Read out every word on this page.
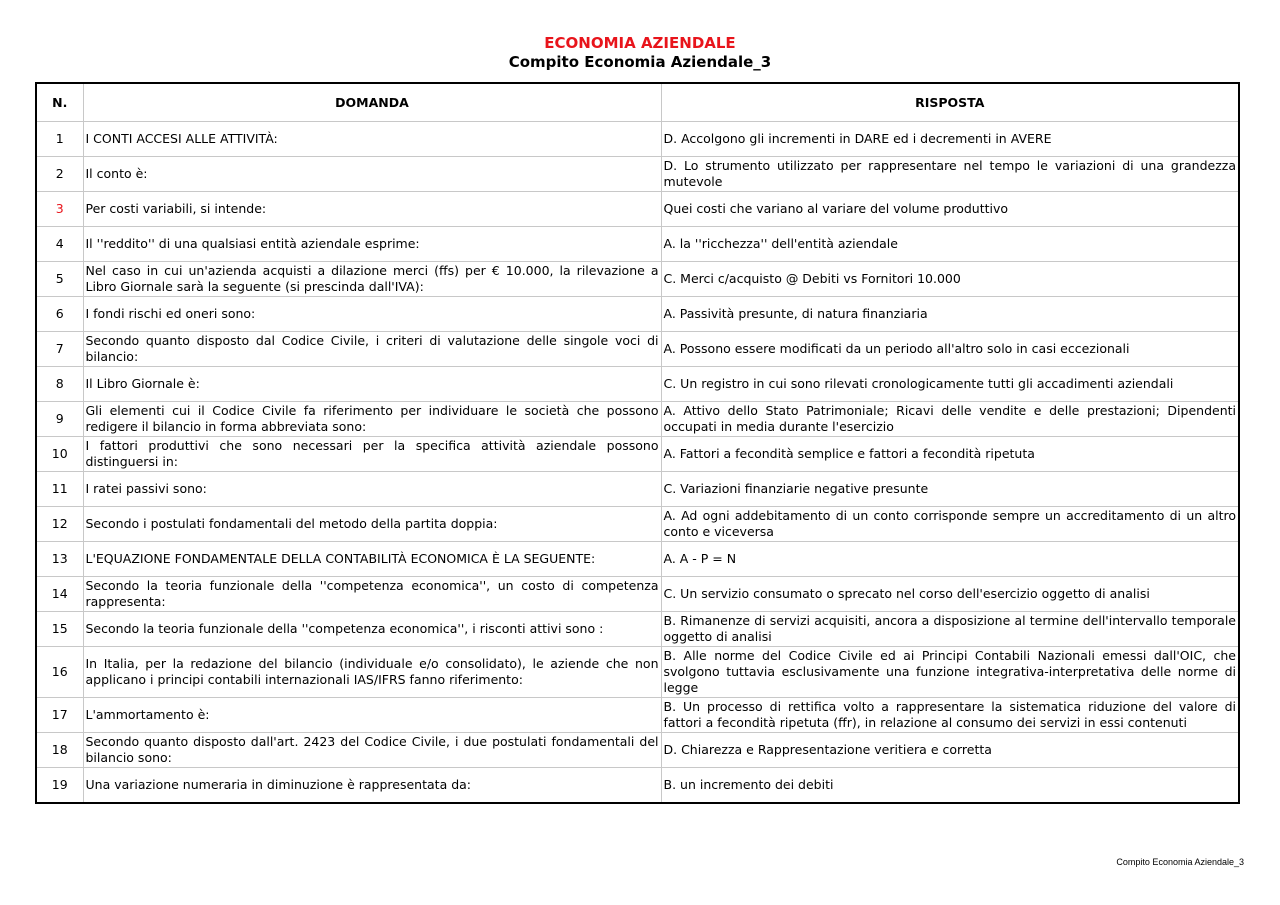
ECONOMIA AZIENDALE
Compito Economia Aziendale_3
N.	DOMANDA	RISPOSTA
1	I CONTI ACCESI ALLE ATTIVITÀ:	D. Accolgono gli incrementi in DARE ed i decrementi in AVERE
2	Il conto è:	D. Lo strumento utilizzato per rappresentare nel tempo le variazioni di una grandezza mutevole
3	Per costi variabili, si intende:	Quei costi che variano al variare del volume produttivo
4	Il ''reddito'' di una qualsiasi entità aziendale esprime:	A. la ''ricchezza'' dell'entità aziendale
5	Nel caso in cui un'azienda acquisti a dilazione merci (ffs) per € 10.000, la rilevazione a Libro Giornale sarà la seguente (si prescinda dall'IVA):	C. Merci c/acquisto @ Debiti vs Fornitori 10.000
6	I fondi rischi ed oneri sono:	A. Passività presunte, di natura finanziaria
7	Secondo quanto disposto dal Codice Civile, i criteri di valutazione delle singole voci di bilancio:	A. Possono essere modificati da un periodo all'altro solo in casi eccezionali
8	Il Libro Giornale è:	C. Un registro in cui sono rilevati cronologicamente tutti gli accadimenti aziendali
9	Gli elementi cui il Codice Civile fa riferimento per individuare le società che possono redigere il bilancio in forma abbreviata sono:	A. Attivo dello Stato Patrimoniale; Ricavi delle vendite e delle prestazioni; Dipendenti occupati in media durante l'esercizio
10	I fattori produttivi che sono necessari per la specifica attività aziendale possono distinguersi in:	A. Fattori a fecondità semplice e fattori a fecondità ripetuta
11	I ratei passivi sono:	C. Variazioni finanziarie negative presunte
12	Secondo i postulati fondamentali del metodo della partita doppia:	A. Ad ogni addebitamento di un conto corrisponde sempre un accreditamento di un altro conto e viceversa
13	L'EQUAZIONE FONDAMENTALE DELLA CONTABILITÀ ECONOMICA È LA SEGUENTE:	A. A - P = N
14	Secondo la teoria funzionale della ''competenza economica'', un costo di competenza rappresenta:	C. Un servizio consumato o sprecato nel corso dell'esercizio oggetto di analisi
15	Secondo la teoria funzionale della ''competenza economica'', i risconti attivi sono :	B. Rimanenze di servizi acquisiti, ancora a disposizione al termine dell'intervallo temporale oggetto di analisi
16	In Italia, per la redazione del bilancio (individuale e/o consolidato), le aziende che non applicano i principi contabili internazionali IAS/IFRS fanno riferimento:	B. Alle norme del Codice Civile ed ai Principi Contabili Nazionali emessi dall'OIC, che svolgono tuttavia esclusivamente una funzione integrativa-interpretativa delle norme di legge
17	L'ammortamento è:	B. Un processo di rettifica volto a rappresentare la sistematica riduzione del valore di fattori a fecondità ripetuta (ffr), in relazione al consumo dei servizi in essi contenuti
18	Secondo quanto disposto dall'art. 2423 del Codice Civile, i due postulati fondamentali del bilancio sono:	D. Chiarezza e Rappresentazione veritiera e corretta
19	Una variazione numeraria in diminuzione è rappresentata da:	B. un incremento dei debiti
Compito Economia Aziendale_3
